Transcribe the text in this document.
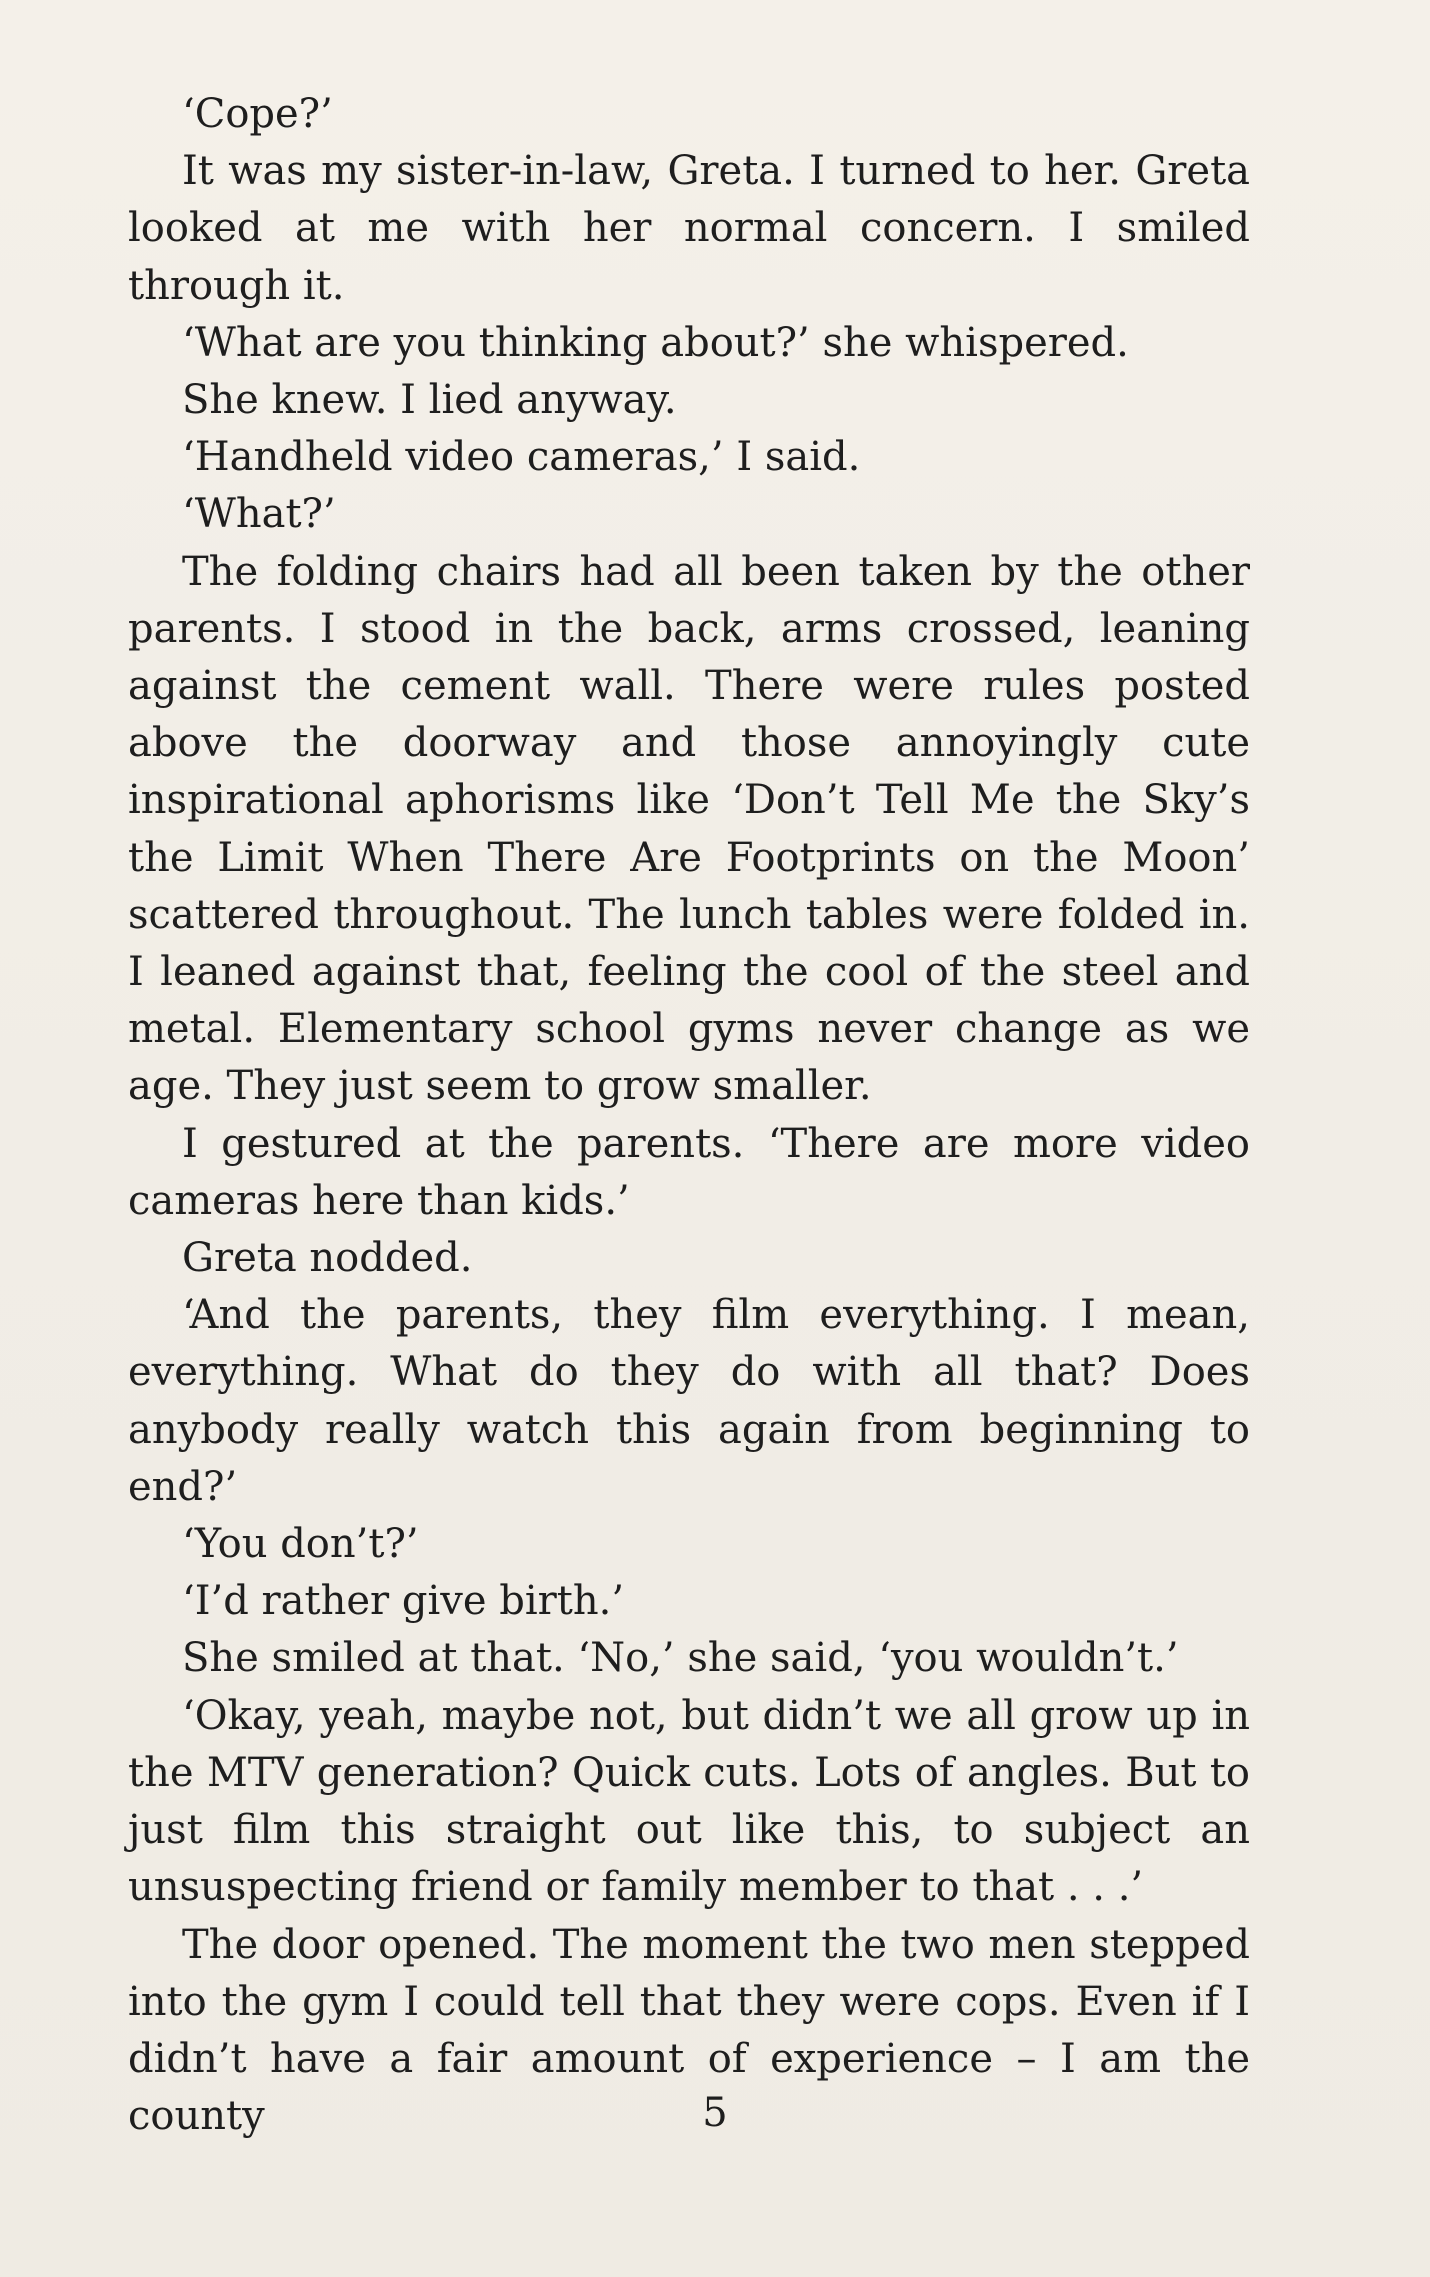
‘Cope?’

It was my sister-in-law, Greta. I turned to her. Greta looked at me with her normal concern. I smiled through it.

‘What are you thinking about?’ she whispered.

She knew. I lied anyway.

‘Handheld video cameras,’ I said.

‘What?’

The folding chairs had all been taken by the other parents. I stood in the back, arms crossed, leaning against the cement wall. There were rules posted above the doorway and those annoyingly cute inspirational aphorisms like ‘Don’t Tell Me the Sky’s the Limit When There Are Footprints on the Moon’ scattered throughout. The lunch tables were folded in. I leaned against that, feeling the cool of the steel and metal. Elementary school gyms never change as we age. They just seem to grow smaller.

I gestured at the parents. ‘There are more video cameras here than kids.’

Greta nodded.

‘And the parents, they film everything. I mean, everything. What do they do with all that? Does anybody really watch this again from beginning to end?’

‘You don’t?’

‘I’d rather give birth.’

She smiled at that. ‘No,’ she said, ‘you wouldn’t.’

‘Okay, yeah, maybe not, but didn’t we all grow up in the MTV generation? Quick cuts. Lots of angles. But to just film this straight out like this, to subject an unsuspecting friend or family member to that . . .’

The door opened. The moment the two men stepped into the gym I could tell that they were cops. Even if I didn’t have a fair amount of experience – I am the county	5
